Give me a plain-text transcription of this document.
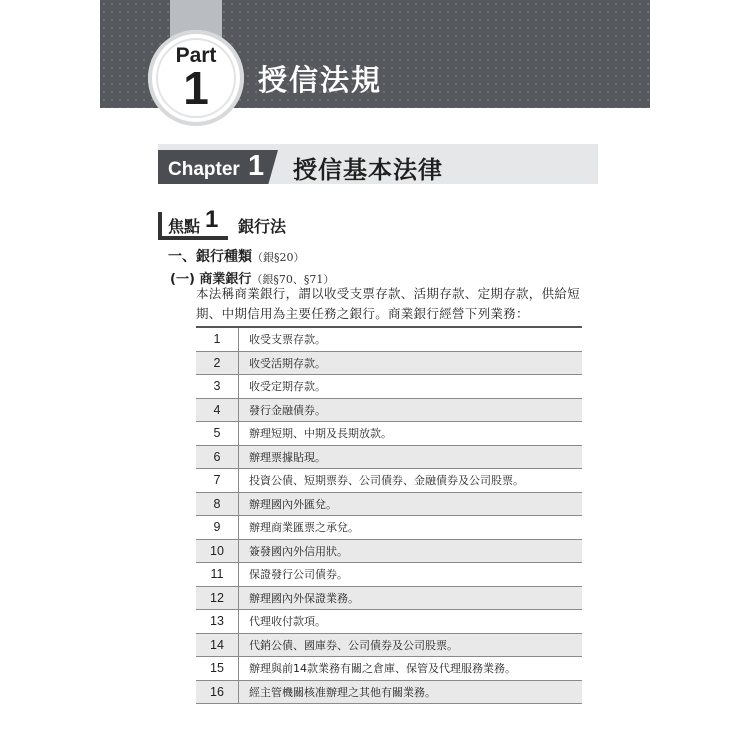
Part
1	授信法規
Chapter 1 授信基本法律
焦點 1 銀行法
一、銀行種類（銀§20）
(一) 商業銀行（銀§70、§71）
本法稱商業銀行，謂以收受支票存款、活期存款、定期存款，供給短期、中期信用為主要任務之銀行。商業銀行經營下列業務：
1	收受支票存款。
2	收受活期存款。
3	收受定期存款。
4	發行金融債券。
5	辦理短期、中期及長期放款。
6	辦理票據貼現。
7	投資公債、短期票券、公司債券、金融債券及公司股票。
8	辦理國內外匯兌。
9	辦理商業匯票之承兌。
10	簽發國內外信用狀。
11	保證發行公司債券。
12	辦理國內外保證業務。
13	代理收付款項。
14	代銷公債、國庫券、公司債券及公司股票。
15	辦理與前14款業務有關之倉庫、保管及代理服務業務。
16	經主管機關核准辦理之其他有關業務。
